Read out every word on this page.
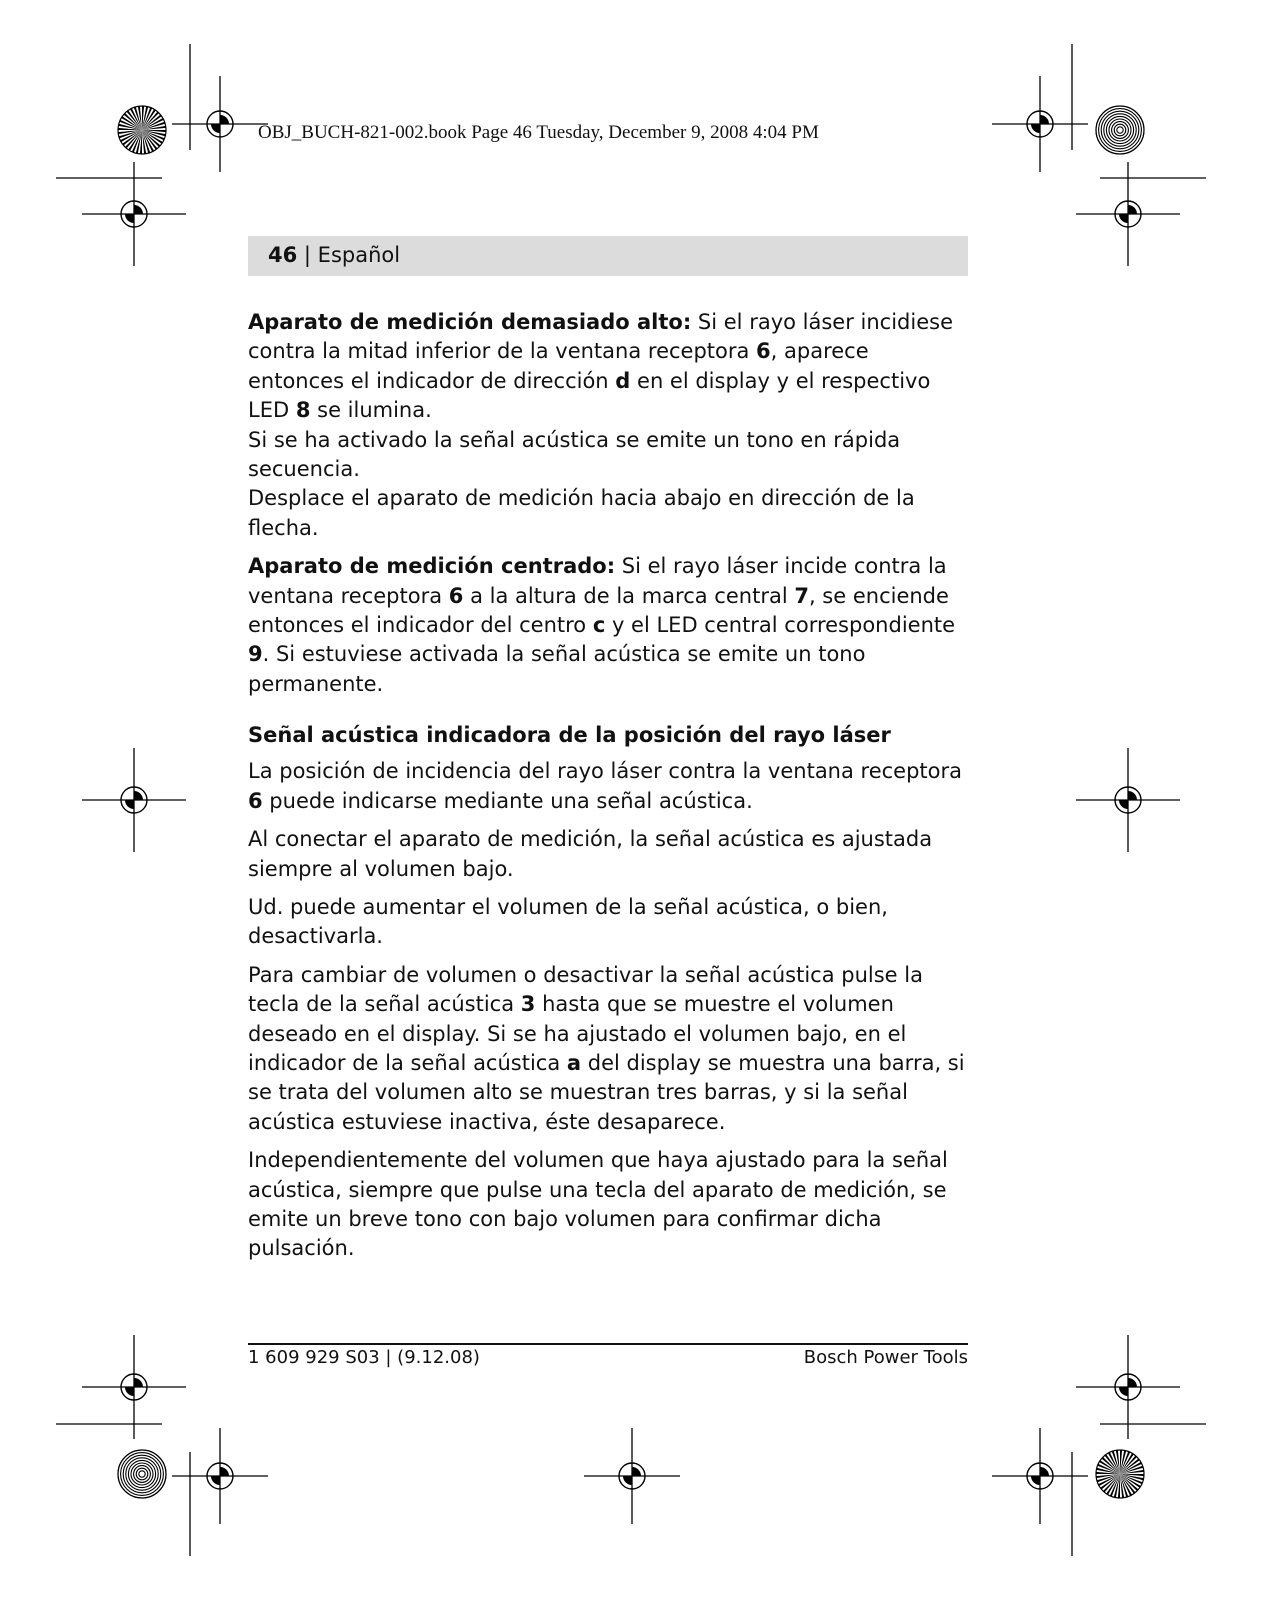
OBJ_BUCH-821-002.book Page 46 Tuesday, December 9, 2008 4:04 PM
46 | Español

Aparato de medición demasiado alto: Si el rayo láser incidiese contra la mitad inferior de la ventana receptora 6, aparece entonces el indicador de dirección d en el display y el respectivo LED 8 se ilumina.

Si se ha activado la señal acústica se emite un tono en rápida secuencia.

Desplace el aparato de medición hacia abajo en dirección de la flecha.

Aparato de medición centrado: Si el rayo láser incide contra la ventana receptora 6 a la altura de la marca central 7, se enciende entonces el indicador del centro c y el LED central correspondiente 9. Si estuviese activada la señal acústica se emite un tono permanente.

Señal acústica indicadora de la posición del rayo láser

La posición de incidencia del rayo láser contra la ventana receptora 6 puede indicarse mediante una señal acústica.

Al conectar el aparato de medición, la señal acústica es ajustada siempre al volumen bajo.

Ud. puede aumentar el volumen de la señal acústica, o bien, desactivarla.

Para cambiar de volumen o desactivar la señal acústica pulse la tecla de la señal acústica 3 hasta que se muestre el volumen deseado en el display. Si se ha ajustado el volumen bajo, en el indicador de la señal acústica a del display se muestra una barra, si se trata del volumen alto se muestran tres barras, y si la señal acústica estuviese inactiva, éste desaparece.

Independientemente del volumen que haya ajustado para la señal acústica, siempre que pulse una tecla del aparato de medición, se emite un breve tono con bajo volumen para confirmar dicha pulsación.

1 609 929 S03 | (9.12.08)	Bosch Power Tools
